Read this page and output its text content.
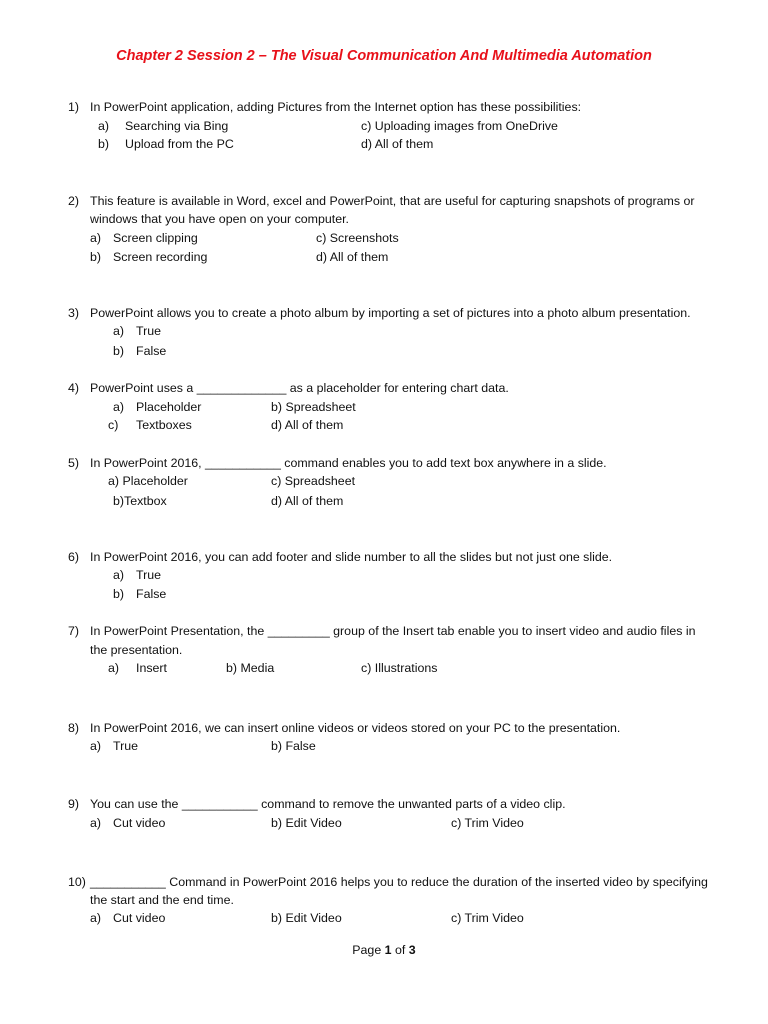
Chapter 2 Session 2 – The Visual Communication And Multimedia Automation
1) In PowerPoint application, adding Pictures from the Internet option has these possibilities:
a) Searching via Bing
b) Upload from the PC
c) Uploading images from OneDrive
d) All of them
2) This feature is available in Word, excel and PowerPoint, that are useful for capturing snapshots of programs or
windows that you have open on your computer.
a) Screen clipping
b) Screen recording
c) Screenshots
d) All of them
3) PowerPoint allows you to create a photo album by importing a set of pictures into a photo album presentation.
a) True
b) False
4) PowerPoint uses a _____________ as a placeholder for entering chart data.
a) Placeholder
c) Textboxes
b) Spreadsheet
d) All of them
5) In PowerPoint 2016, ___________ command enables you to add text box anywhere in a slide.
a) Placeholder
b)Textbox
c) Spreadsheet
d) All of them
6) In PowerPoint 2016, you can add footer and slide number to all the slides but not just one slide.
a) True
b) False
7) In PowerPoint Presentation, the _________ group of the Insert tab enable you to insert video and audio files in
the presentation.
a) Insert	b) Media	c) Illustrations
8) In PowerPoint 2016, we can insert online videos or videos stored on your PC to the presentation.
a) True	b) False
9) You can use the ___________ command to remove the unwanted parts of a video clip.
a) Cut video	b) Edit Video	c) Trim Video
10) ___________ Command in PowerPoint 2016 helps you to reduce the duration of the inserted video by specifying
the start and the end time.
a) Cut video	b) Edit Video	c) Trim Video
Page 1 of 3
